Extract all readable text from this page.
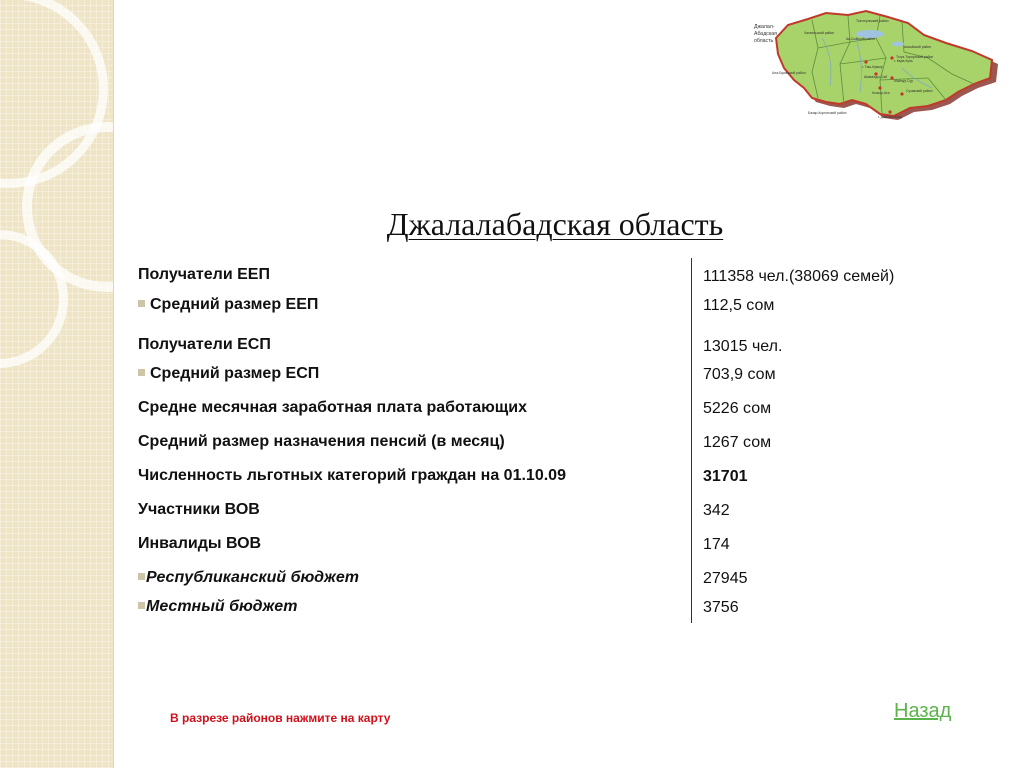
Джалал-
Абадская
область
Токтогульский район
Чаткальский район
Ак-Сыйский район
Тогуз-Тороузский район
Аксыйский район
Ала-Букинский район
Базар-Коргонский район
Сузакский район
г. Таш-Кумыр
г. Кара-Куль
Шамалды-Сай
Майлуу-Суу
Кочкор-Ата
г. Джалал-Абад
Джалалабадская область
Получатели ЕЕП
Средний размер ЕЕП
Получатели ЕСП
Средний размер ЕСП
Средне месячная заработная плата работающих
Средний размер назначения пенсий (в месяц)
Численность льготных категорий граждан на 01.10.09
Участники ВОВ
Инвалиды ВОВ
Республиканский бюджет
Местный бюджет
111358 чел.(38069 семей)
112,5 сом
13015 чел.
703,9 сом
5226 сом
1267 сом
31701
342
174
27945
3756
В разрезе районов нажмите на карту	Назад
